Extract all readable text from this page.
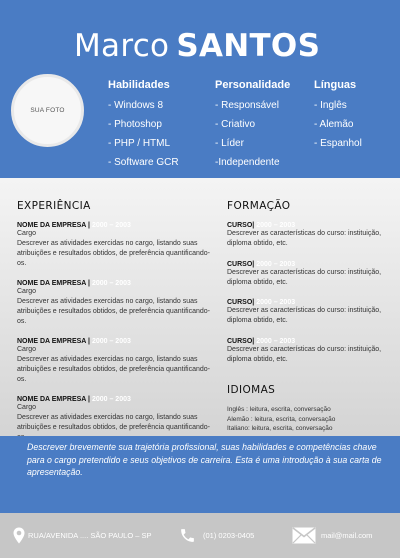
Marco SANTOS
SUA FOTO
Habilidades
- Windows 8
- Photoshop
- PHP / HTML
- Software GCR
Personalidade
- Responsável
- Criativo
- Líder
-Independente
Línguas
- Inglês
- Alemão
- Espanhol
EXPERIÊNCIA
NOME DA EMPRESA | 2000 – 2003
Cargo
Descrever as atividades exercidas no cargo, listando suas atribuições e resultados obtidos, de preferência quantificando-os.
NOME DA EMPRESA | 2000 – 2003
Cargo
Descrever as atividades exercidas no cargo, listando suas atribuições e resultados obtidos, de preferência quantificando-os.
NOME DA EMPRESA | 2000 – 2003
Cargo
Descrever as atividades exercidas no cargo, listando suas atribuições e resultados obtidos, de preferência quantificando-os.
NOME DA EMPRESA | 2000 – 2003
Cargo
Descrever as atividades exercidas no cargo, listando suas atribuições e resultados obtidos, de preferência quantificando-
FORMAÇÃO
CURSO| 2000 – 2003
Descrever as características do curso: instituição, diploma obtido, etc.
CURSO| 2000 – 2003
Descrever as características do curso: instituição, diploma obtido, etc.
CURSO| 2000 – 2003
Descrever as características do curso: instituição, diploma obtido, etc.
CURSO| 2000 – 2003
Descrever as características do curso: instituição, diploma obtido, etc.
IDIOMAS
Inglês : leitura, escrita, conversação
Alemão : leitura, escrita, conversação
Italiano: leitura, escrita, conversação

Descrever brevemente sua trajetória profissional, suas habilidades e competências chave para o cargo pretendido e seus objetivos de carreira. Esta é uma introdução à sua carta de apresentação.

RUA/AVENIDA .... SÃO PAULO – SP	(01) 0203-0405	mail@mail.com
